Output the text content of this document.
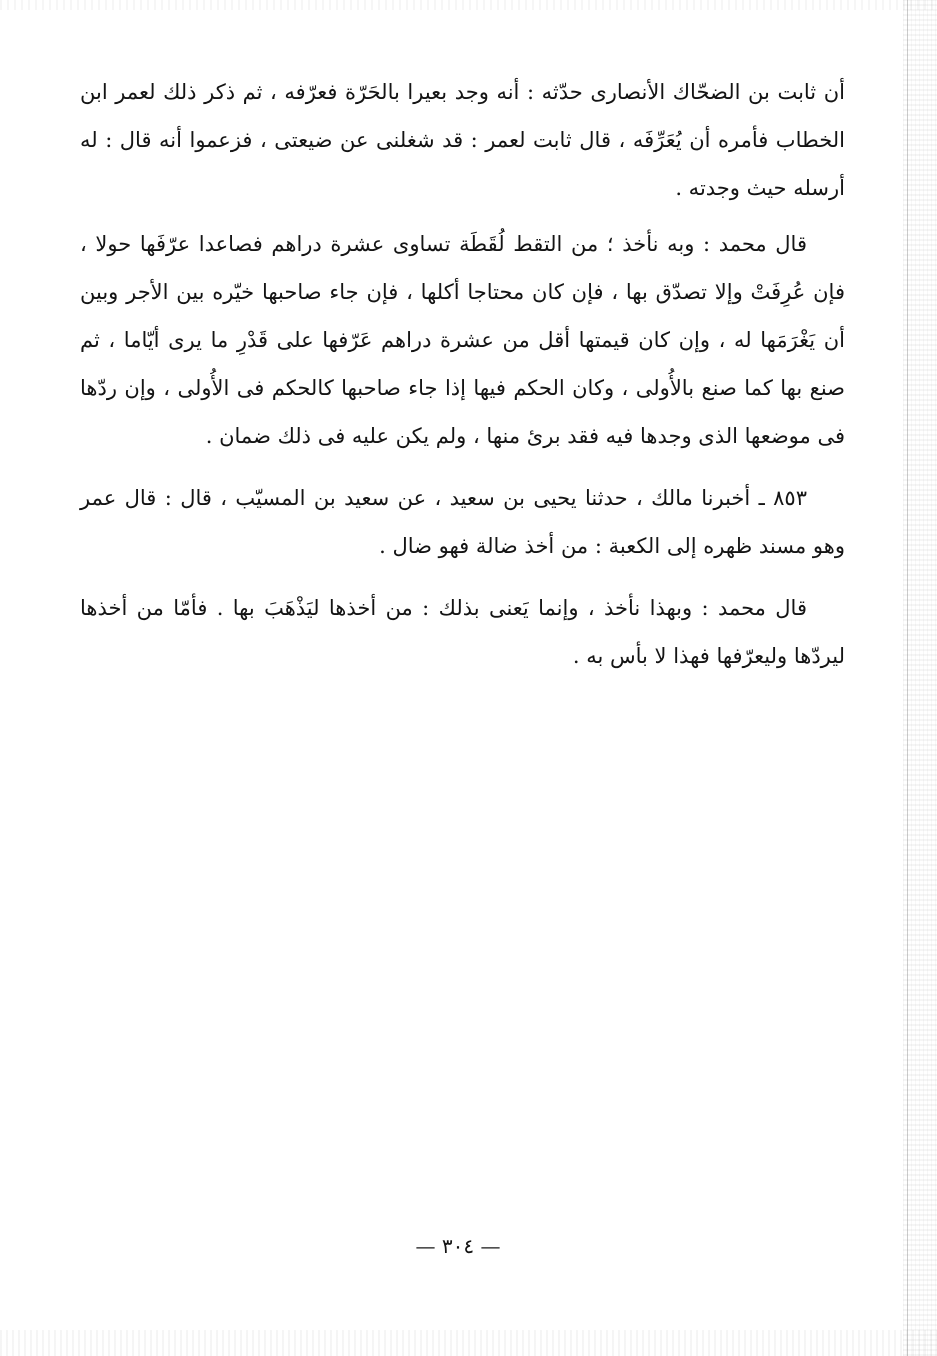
أن ثابت بن الضحّاك الأنصارى حدّثه : أنه وجد بعيرا بالحَرّة فعرّفه ، ثم ذكر ذلك لعمر ابن الخطاب فأمره أن يُعَرِّفَه ، قال ثابت لعمر : قد شغلنى عن ضيعتى ، فزعموا أنه قال : له أرسله حيث وجدته .

قال محمد : وبه نأخذ ؛ من التقط لُقَطَة تساوى عشرة دراهم فصاعدا عرّفَها حولا ، فإن عُرِفَتْ وإلا تصدّق بها ، فإن كان محتاجا أكلها ، فإن جاء صاحبها خيّره بين الأجر وبين أن يَغْرَمَها له ، وإن كان قيمتها أقل من عشرة دراهم عَرّفها على قَدْرِ ما يرى أيّاما ، ثم صنع بها كما صنع بالأُولى ، وكان الحكم فيها إذا جاء صاحبها كالحكم فى الأُولى ، وإن ردّها فى موضعها الذى وجدها فيه فقد برئ منها ، ولم يكن عليه فى ذلك ضمان .

٨٥٣ ـ أخبرنا مالك ، حدثنا يحيى بن سعيد ، عن سعيد بن المسيّب ، قال : قال عمر وهو مسند ظهره إلى الكعبة : من أخذ ضالة فهو ضال .

قال محمد : وبهذا نأخذ ، وإنما يَعنى بذلك : من أخذها ليَذْهَبَ بها . فأمّا من أخذها ليردّها وليعرّفها فهذا لا بأس به .

— ٣٠٤ —
